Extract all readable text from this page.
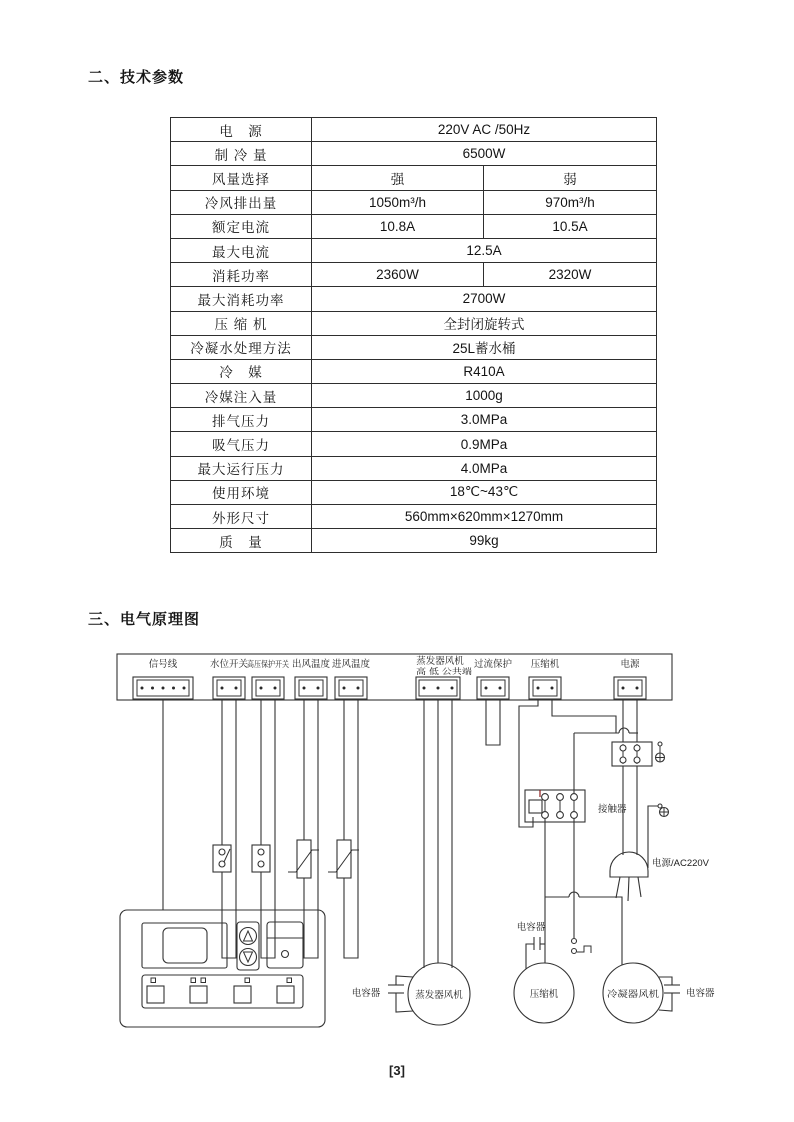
二、技术参数
电　源	220V AC /50Hz	
制 冷 量	6500W	
风量选择	强	弱
冷风排出量	1050m³/h	970m³/h
额定电流	10.8A	10.5A
最大电流	12.5A	
消耗功率	2360W	2320W
最大消耗功率	2700W	
压 缩 机	全封闭旋转式	
冷凝水处理方法	25L蓄水桶	
冷　媒	R410A	
冷媒注入量	1000g	
排气压力	3.0MPa	
吸气压力	0.9MPa	
最大运行压力	4.0MPa	
使用环境	18℃~43℃	
外形尺寸	560mm×620mm×1270mm	
质　量	99kg	
三、电气原理图
信号线	水位开关
高压保护开关 出风温度 进风温度	蒸发器风机
高 低 公共端
过流保护 压缩机	电源
蒸发器风机
电容器
接触器
电源/AC220V
电容器
压缩机	冷凝器风机	电容器
[3]
